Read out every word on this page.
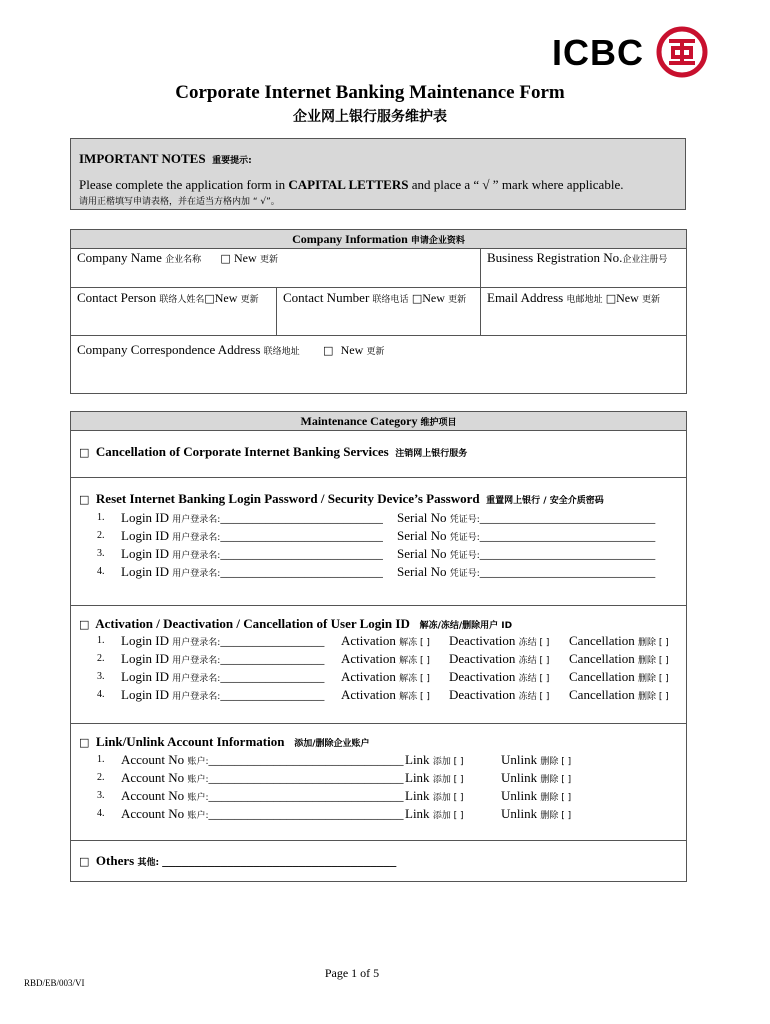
ICBC
Corporate Internet Banking Maintenance Form
企业网上银行服务维护表
IMPORTANT NOTES 重要提示:
Please complete the application form in CAPITAL LETTERS and place a “ √ ” mark where applicable.
请用正楷填写申请表格，并在适当方格内加 “ √”。
Company Information 申请企业资料
Company Name 企业名称 □ New 更新	Business Registration No.企业注册号
Contact Person 联络人姓名□New 更新	Contact Number 联络电话 □New 更新	Email Address 电邮地址 □New 更新
Company Correspondence Address 联络地址 □ New 更新
Maintenance Category 维护项目
□ Cancellation of Corporate Internet Banking Services 注销网上银行服务
□ Reset Internet Banking Login Password / Security Device’s Password 重置网上银行 / 安全介质密码
1. Login ID 用户登录名:_________________________ Serial No 凭证号:___________________________
2. Login ID 用户登录名:_________________________ Serial No 凭证号:___________________________
3. Login ID 用户登录名:_________________________ Serial No 凭证号:___________________________
4. Login ID 用户登录名:_________________________ Serial No 凭证号:___________________________
□ Activation / Deactivation / Cancellation of User Login ID 解冻/冻结/删除用户 ID
1. Login ID 用户登录名:________________ Activation 解冻 [ ] Deactivation 冻结 [ ] Cancellation 删除 [ ]
2. Login ID 用户登录名:________________ Activation 解冻 [ ] Deactivation 冻结 [ ] Cancellation 删除 [ ]
3. Login ID 用户登录名:________________ Activation 解冻 [ ] Deactivation 冻结 [ ] Cancellation 删除 [ ]
4. Login ID 用户登录名:________________ Activation 解冻 [ ] Deactivation 冻结 [ ] Cancellation 删除 [ ]
□ Link/Unlink Account Information 添加/删除企业账户
1. Account No 账户:______________________________ Link 添加 [ ]	Unlink 删除 [ ]
2. Account No 账户:______________________________ Link 添加 [ ]	Unlink 删除 [ ]
3. Account No 账户:______________________________ Link 添加 [ ]	Unlink 删除 [ ]
4. Account No 账户:______________________________ Link 添加 [ ]	Unlink 删除 [ ]
□ Others 其他: ____________________________________
Page 1 of 5
RBD/EB/003/VI
